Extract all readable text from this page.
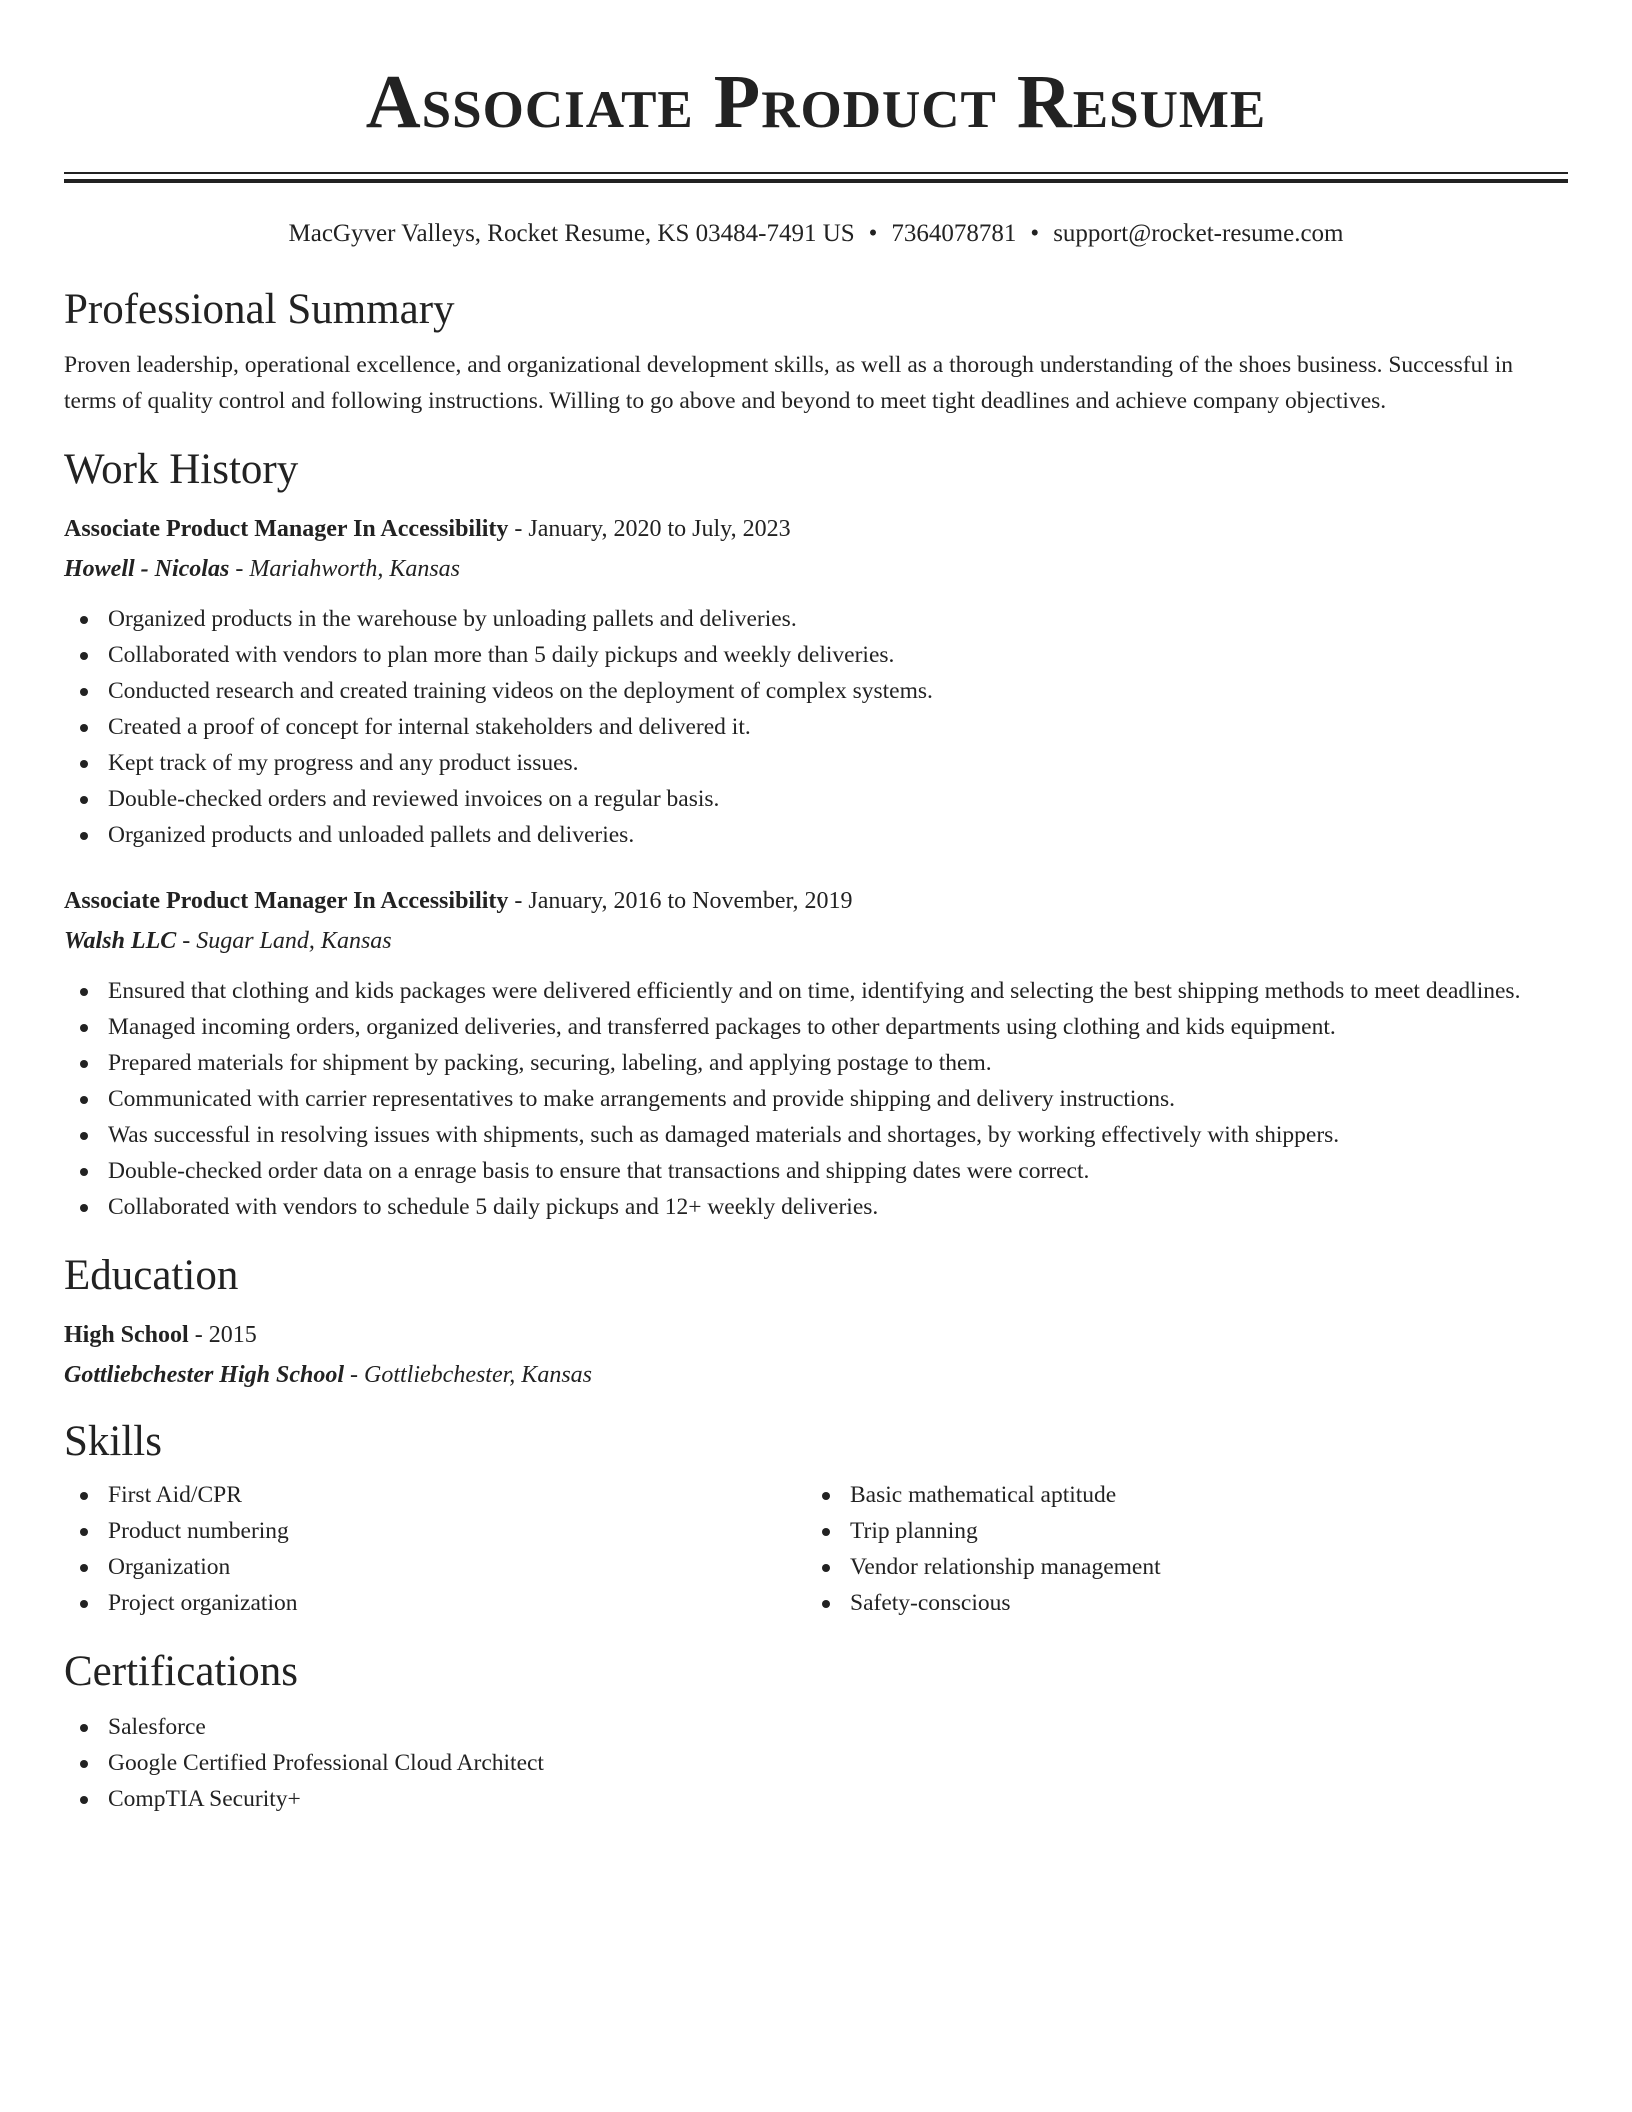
Associate Product Resume
MacGyver Valleys, Rocket Resume, KS 03484-7491 US • 7364078781 • support@rocket-resume.com
Professional Summary

Proven leadership, operational excellence, and organizational development skills, as well as a thorough understanding of the shoes business. Successful in terms of quality control and following instructions. Willing to go above and beyond to meet tight deadlines and achieve company objectives.

Work History
Associate Product Manager In Accessibility - January, 2020 to July, 2023
Howell - Nicolas - Mariahworth, Kansas
Organized products in the warehouse by unloading pallets and deliveries.
Collaborated with vendors to plan more than 5 daily pickups and weekly deliveries.
Conducted research and created training videos on the deployment of complex systems.
Created a proof of concept for internal stakeholders and delivered it.
Kept track of my progress and any product issues.
Double-checked orders and reviewed invoices on a regular basis.
Organized products and unloaded pallets and deliveries.
Associate Product Manager In Accessibility - January, 2016 to November, 2019
Walsh LLC - Sugar Land, Kansas
Ensured that clothing and kids packages were delivered efficiently and on time, identifying and selecting the best shipping methods to meet deadlines.
Managed incoming orders, organized deliveries, and transferred packages to other departments using clothing and kids equipment.
Prepared materials for shipment by packing, securing, labeling, and applying postage to them.
Communicated with carrier representatives to make arrangements and provide shipping and delivery instructions.
Was successful in resolving issues with shipments, such as damaged materials and shortages, by working effectively with shippers.
Double-checked order data on a enrage basis to ensure that transactions and shipping dates were correct.
Collaborated with vendors to schedule 5 daily pickups and 12+ weekly deliveries.
Education
High School - 2015
Gottliebchester High School - Gottliebchester, Kansas
Skills
First Aid/CPR
Product numbering
Organization
Project organization
Basic mathematical aptitude
Trip planning
Vendor relationship management
Safety-conscious
Certifications
Salesforce
Google Certified Professional Cloud Architect
CompTIA Security+
